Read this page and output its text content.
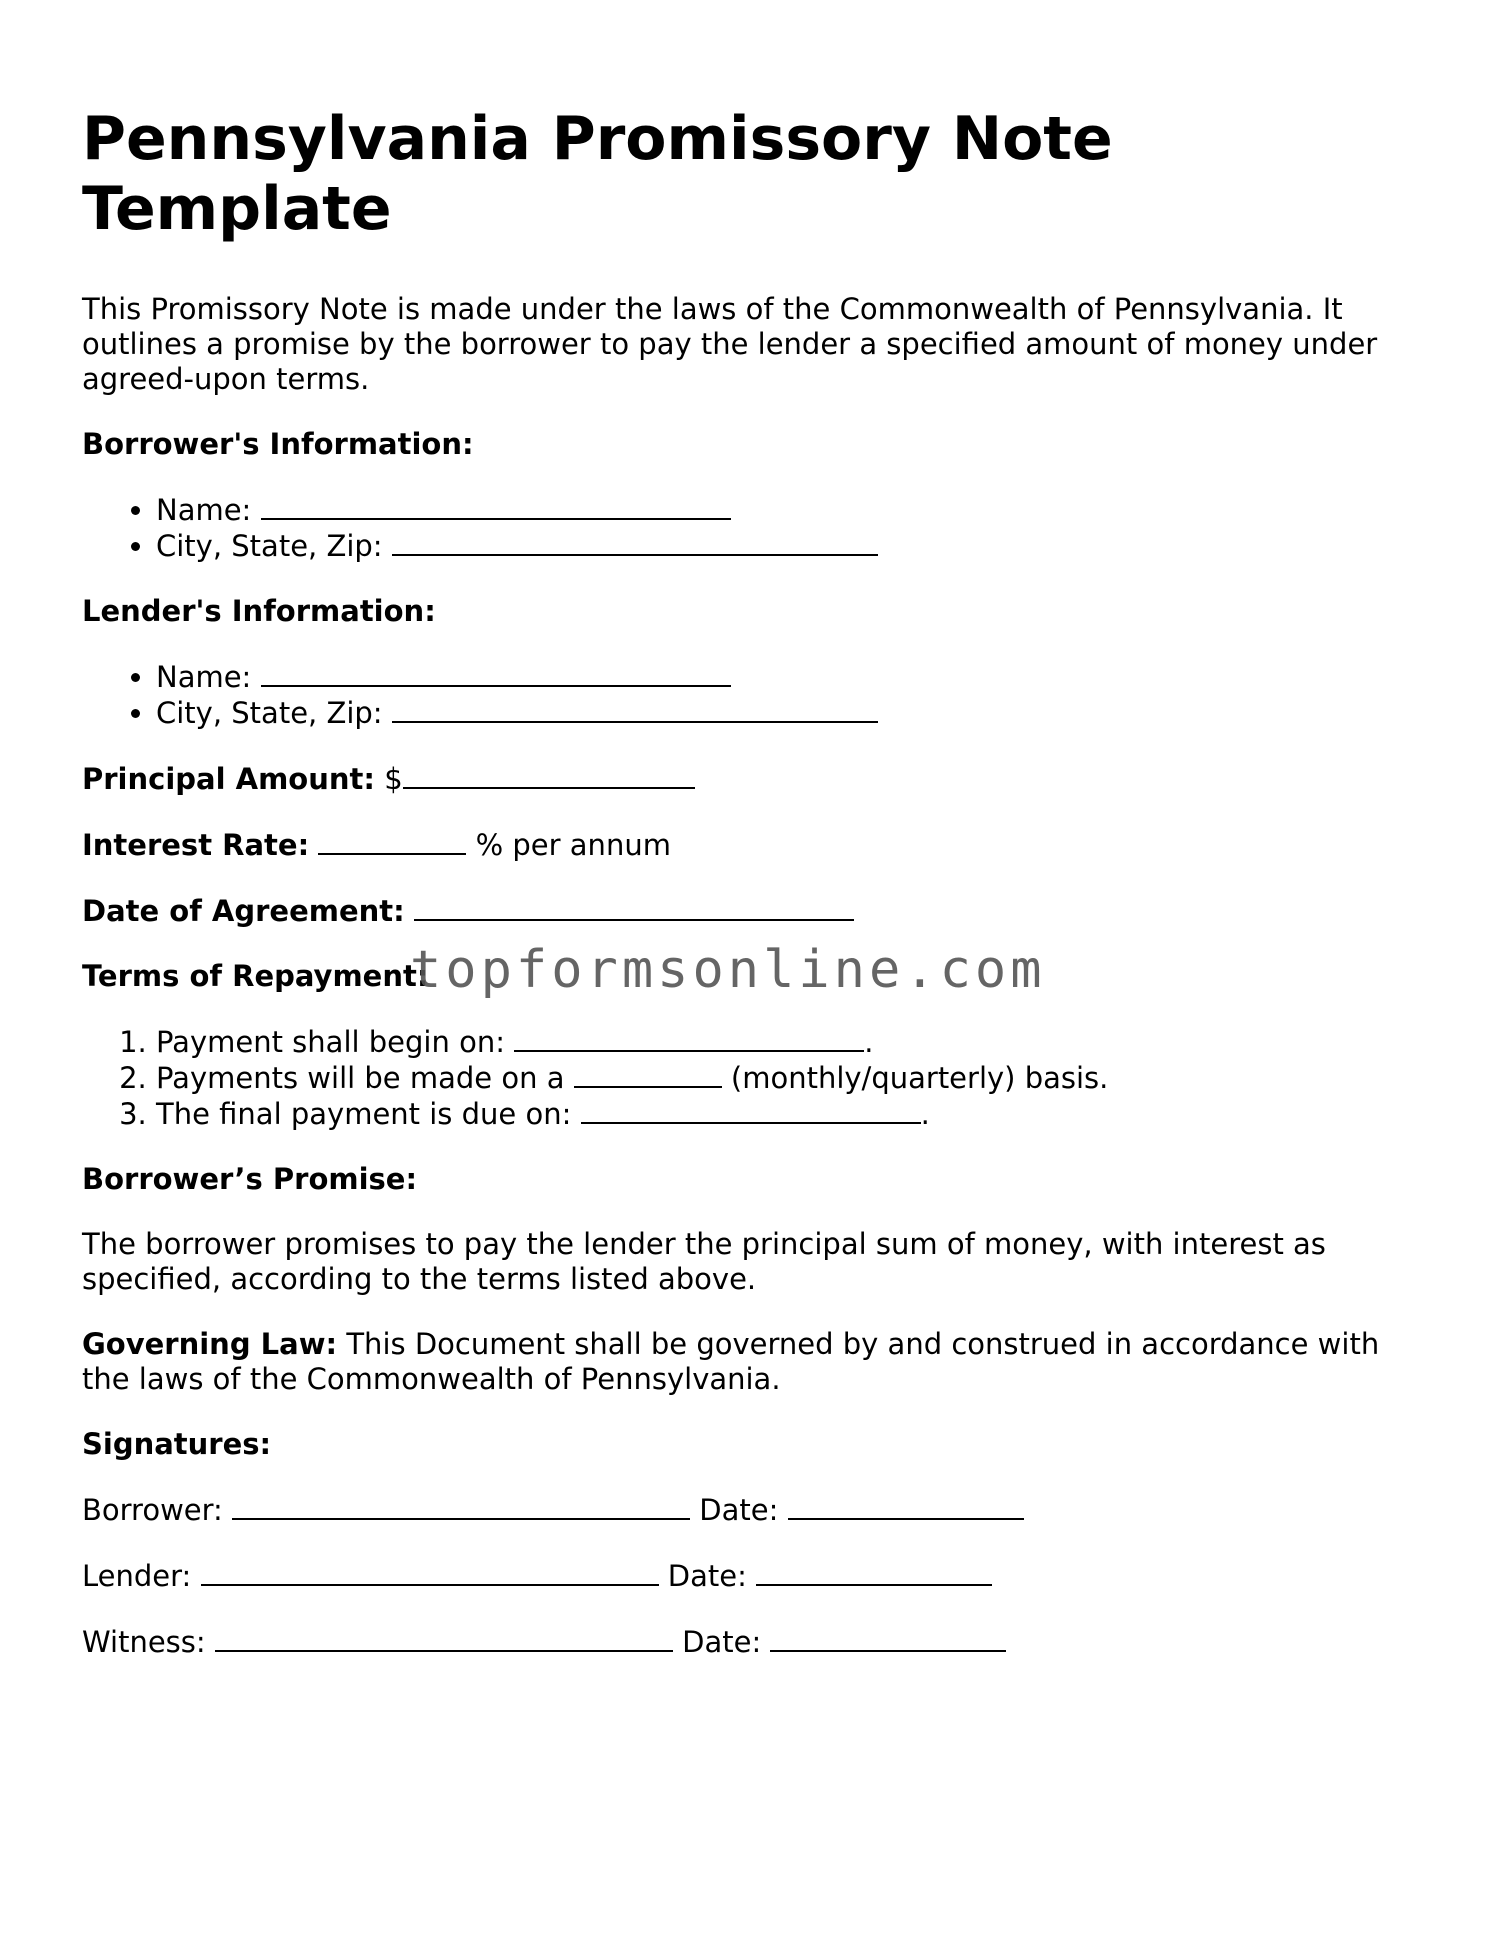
Pennsylvania Promissory Note Template

This Promissory Note is made under the laws of the Commonwealth of Pennsylvania. It outlines a promise by the borrower to pay the lender a specified amount of money under agreed-upon terms.

Borrower's Information:

• Name:
• City, State, Zip:

Lender's Information:

• Name:
• City, State, Zip:

Principal Amount: $

Interest Rate:	% per annum

Date of Agreement:

Terms of Repayment:

1. Payment shall begin on:	.
2. Payments will be made on a	(monthly/quarterly) basis.
3. The final payment is due on:	.

Borrower’s Promise:

The borrower promises to pay the lender the principal sum of money, with interest as specified, according to the terms listed above.

Governing Law: This Document shall be governed by and construed in accordance with the laws of the Commonwealth of Pennsylvania.

Signatures:

Borrower:	Date:

Lender:	Date:

Witness:	Date:

topformsonline.com
